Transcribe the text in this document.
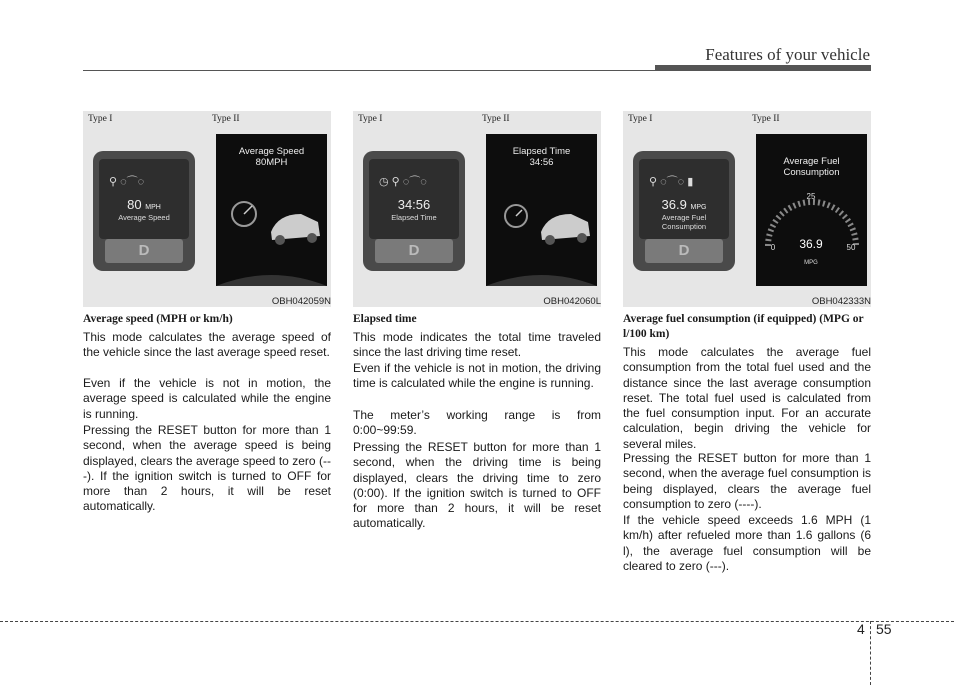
Features of your vehicle
Type I	Type II
⚲ ◌⌒◌
80 MPH
Average Speed
D
Average Speed
80MPH
OBH042059N
Type I	Type II
◷ ⚲ ◌⌒◌
34:56
Elapsed Time
D
Elapsed Time
34:56
OBH042060L
Type I	Type II
⚲ ◌⌒◌ ▮
36.9 MPG
Average Fuel
Consumption
D
Average Fuel
Consumption
25
0	50
36.9
MPG
OBH042333N
Average speed (MPH or km/h)
This mode calculates the average speed of the vehicle since the last average speed reset.
Even if the vehicle is not in motion, the average speed is calculated while the engine is running.
Pressing the RESET button for more than 1 second, when the average speed is being displayed, clears the average speed to zero (---). If the ignition switch is turned to OFF for more than 2 hours, it will be reset automatically.
Elapsed time
This mode indicates the total time traveled since the last driving time reset.
Even if the vehicle is not in motion, the driving time is calculated while the engine is running.
The meter’s working range is from 0:00~99:59.
Pressing the RESET button for more than 1 second, when the driving time is being displayed, clears the driving time to zero (0:00). If the ignition switch is turned to OFF for more than 2 hours, it will be reset automatically.
Average fuel consumption (if equipped) (MPG or l/100 km)
This mode calculates the average fuel consumption from the total fuel used and the distance since the last average consumption reset. The total fuel used is calculated from the fuel consumption input. For an accurate calculation, begin driving the vehicle for several miles.
Pressing the RESET button for more than 1 second, when the average fuel consumption is being displayed, clears the average fuel consumption to zero (----).
If the vehicle speed exceeds 1.6 MPH (1 km/h) after refueled more than 1.6 gallons (6 l), the average fuel consumption will be cleared to zero (---).
4 55
